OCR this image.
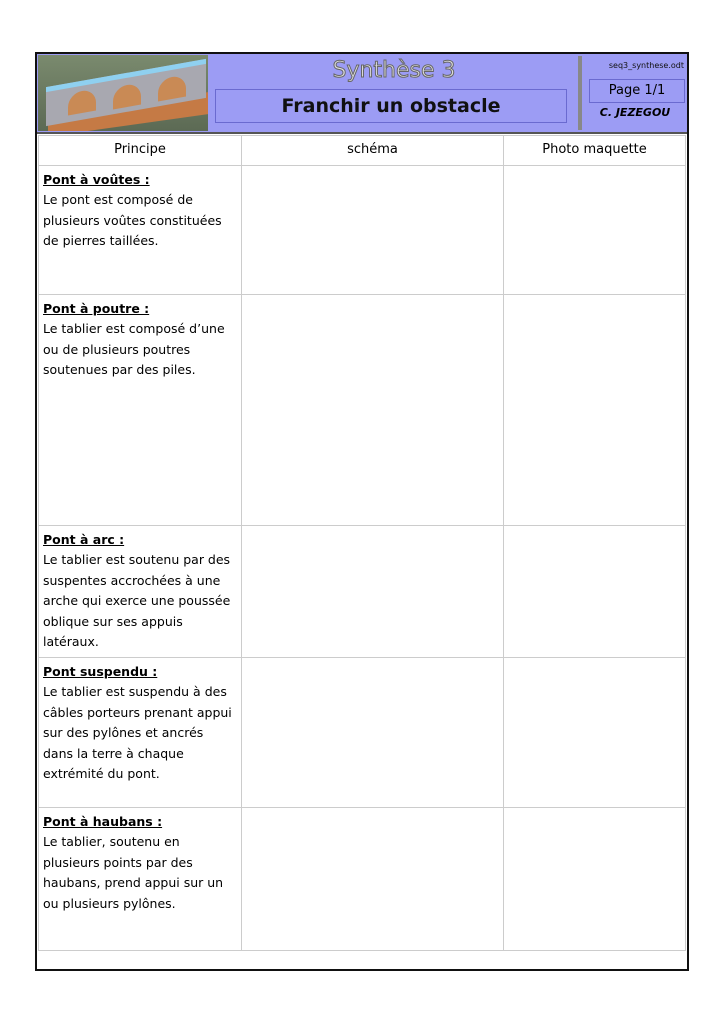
Synthèse 3
Franchir un obstacle
seq3_synthese.odt
Page 1/1
C. JEZEGOU
Principe	schéma	Photo maquette

Pont à voûtes :
Le pont est composé de plusieurs voûtes constituées de pierres taillées.		

Pont à poutre :
Le tablier est composé d’une ou de plusieurs poutres soutenues par des piles.		

Pont à arc :
Le tablier est soutenu par des suspentes accrochées à une arche qui exerce une poussée oblique sur ses appuis latéraux.		

Pont suspendu :
Le tablier est suspendu à des câbles porteurs prenant appui sur des pylônes et ancrés dans la terre à chaque extrémité du pont.		

Pont à haubans :
Le tablier, soutenu en plusieurs points par des haubans, prend appui sur un ou plusieurs pylônes.		
